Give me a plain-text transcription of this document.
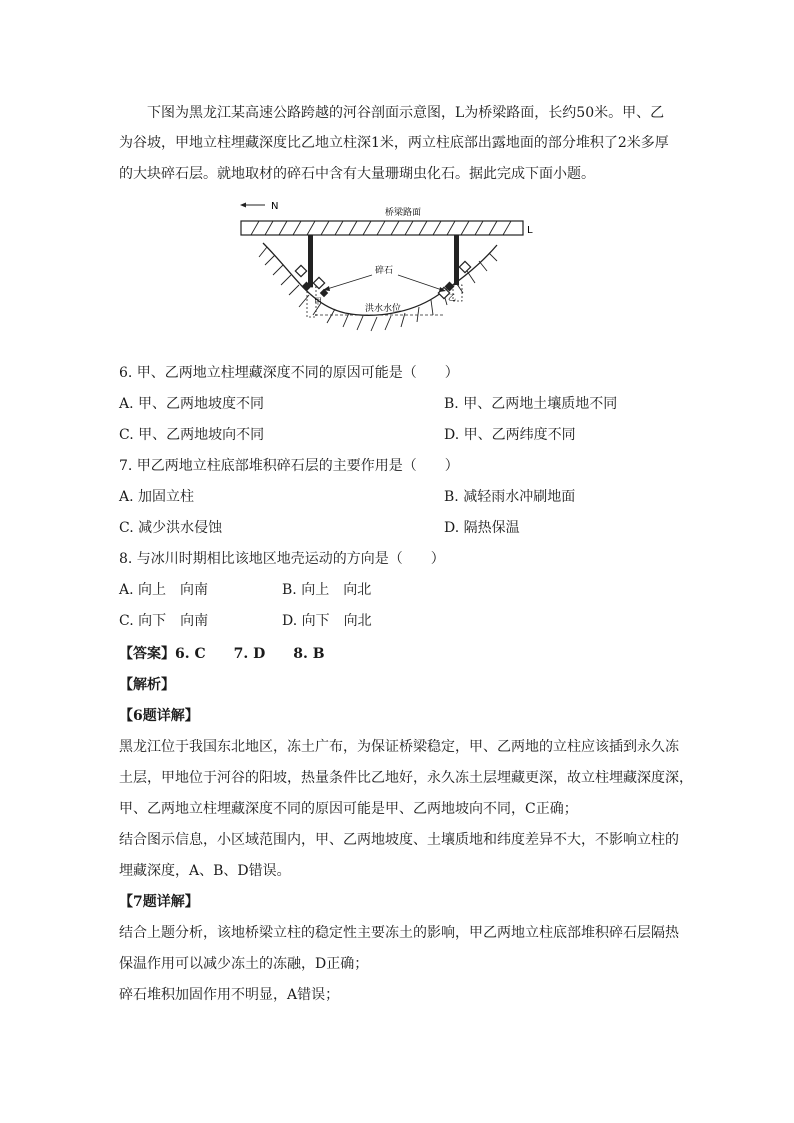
下图为黑龙江某高速公路跨越的河谷剖面示意图，L为桥梁路面，长约50米。甲、乙
为谷坡，甲地立柱埋藏深度比乙地立柱深1米，两立柱底部出露地面的部分堆积了2米多厚
的大块碎石层。就地取材的碎石中含有大量珊瑚虫化石。据此完成下面小题。
N
桥梁路面
L
碎石
洪水水位
甲	乙
6. 甲、乙两地立柱埋藏深度不同的原因可能是（　　）
A. 甲、乙两地坡度不同	B. 甲、乙两地土壤质地不同
C. 甲、乙两地坡向不同	D. 甲、乙两纬度不同
7. 甲乙两地立柱底部堆积碎石层的主要作用是（　　）
A. 加固立柱	B. 减轻雨水冲刷地面
C. 减少洪水侵蚀	D. 隔热保温
8. 与冰川时期相比该地区地壳运动的方向是（　　）
A. 向上　向南	B. 向上　向北
C. 向下　向南	D. 向下　向北
【答案】6. C　　7. D　　8. B
【解析】
【6题详解】
黑龙江位于我国东北地区，冻土广布，为保证桥梁稳定，甲、乙两地的立柱应该插到永久冻
土层，甲地位于河谷的阳坡，热量条件比乙地好，永久冻土层埋藏更深，故立柱埋藏深度深，
甲、乙两地立柱埋藏深度不同的原因可能是甲、乙两地坡向不同，C正确；
结合图示信息，小区域范围内，甲、乙两地坡度、土壤质地和纬度差异不大，不影响立柱的
埋藏深度，A、B、D错误。
【7题详解】
结合上题分析，该地桥梁立柱的稳定性主要冻土的影响，甲乙两地立柱底部堆积碎石层隔热
保温作用可以减少冻土的冻融，D正确；
碎石堆积加固作用不明显，A错误；
